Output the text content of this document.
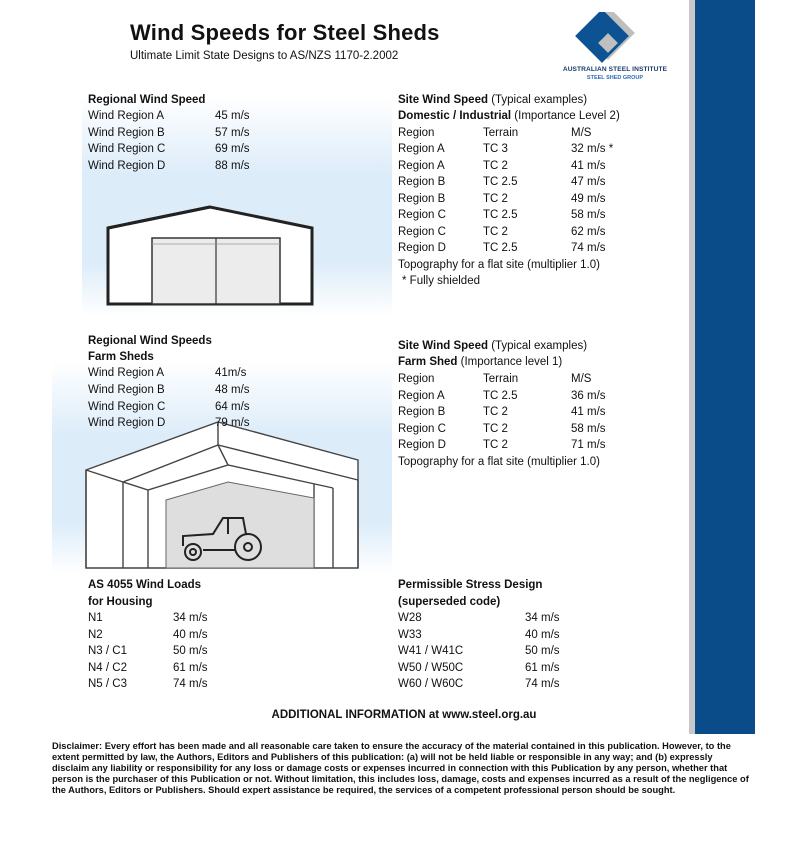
Wind Speeds for Steel Sheds
Ultimate Limit State Designs to AS/NZS 1170-2.2002
AUSTRALIAN STEEL INSTITUTE
STEEL SHED GROUP
Regional Wind Speed
Wind Region A	45 m/s
Wind Region B	57 m/s
Wind Region C	69 m/s
Wind Region D	88 m/s
Site Wind Speed (Typical examples)
Domestic / Industrial (Importance Level 2)
Region	Terrain	M/S
Region A	TC 3	32 m/s *
Region A	TC 2	41 m/s
Region B	TC 2.5	47 m/s
Region B	TC 2	49 m/s
Region C	TC 2.5	58 m/s
Region C	TC 2	62 m/s
Region D	TC 2.5	74 m/s
Topography for a flat site (multiplier 1.0)
* Fully shielded
Regional Wind Speeds
Farm Sheds
Wind Region A	41m/s
Wind Region B	48 m/s
Wind Region C	64 m/s
Wind Region D	79 m/s
Site Wind Speed (Typical examples)
Farm Shed (Importance level 1)
Region	Terrain	M/S
Region A	TC 2.5	36 m/s
Region B	TC 2	41 m/s
Region C	TC 2	58 m/s
Region D	TC 2	71 m/s
Topography for a flat site (multiplier 1.0)
AS 4055 Wind Loads
for Housing
N1	34 m/s
N2	40 m/s
N3 / C1	50 m/s
N4 / C2	61 m/s
N5 / C3	74 m/s
Permissible Stress Design
(superseded code)
W28	34 m/s
W33	40 m/s
W41 / W41C	50 m/s
W50 / W50C	61 m/s
W60 / W60C	74 m/s
ADDITIONAL INFORMATION at www.steel.org.au
Disclaimer: Every effort has been made and all reasonable care taken to ensure the accuracy of the material contained in this publication. However, to the extent permitted by law, the Authors, Editors and Publishers of this publication: (a) will not be held liable or responsible in any way; and (b) expressly disclaim any liability or responsibility for any loss or damage costs or expenses incurred in connection with this Publication by any person, whether that person is the purchaser of this Publication or not. Without limitation, this includes loss, damage, costs and expenses incurred as a result of the negligence of the Authors, Editors or Publishers. Should expert assistance be required, the services of a competent professional person should be sought.
